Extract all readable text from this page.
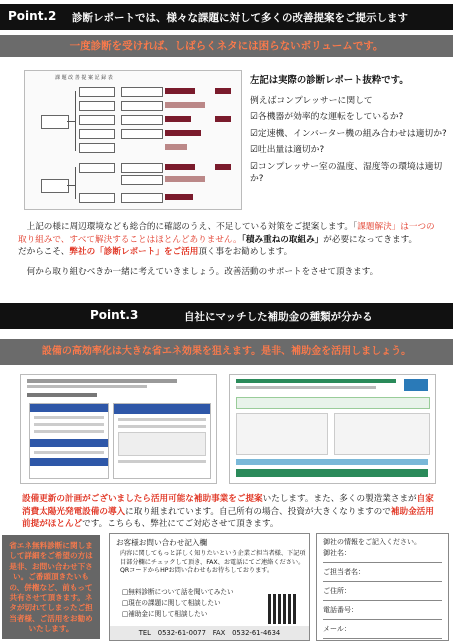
Point.2 診断レポートでは、様々な課題に対して多くの改善提案をご提示します
一度診断を受ければ、しばらくネタには困らないボリュームです。
課 題 改 善 提 案 記 録 表	左記は実際の診断レポート抜粋です。
例えばコンプレッサーに関して
☑各機器が効率的な運転をしているか?
☑定速機、インバーター機の組み合わせは適切か?
☑吐出量は適切か?
☑コンプレッサー室の温度、湿度等の環境は適切か?
上記の様に周辺環境なども総合的に確認のうえ、不足している対策をご提案します。「課題解決」は一つの取り組みで、すべて解決することはほとんどありません。「積み重ねの取組み」が必要になってきます。
だからこそ、弊社の「診断レポート」をご活用頂く事をお勧めします。
何から取り組むべきか一緒に考えていきましょう。改善活動のサポートをさせて頂きます。
Point.3	自社にマッチした補助金の種類が分かる
設備の高効率化は大きな省エネ効果を狙えます。是非、補助金を活用しましょう。
設備更新の計画がございましたら活用可能な補助事業をご提案いたします。また、多くの製造業さまが自家消費太陽光発電設備の導入に取り組まれています。自己所有の場合、投資が大きくなりますので補助金活用前提がほとんどです。こちらも、弊社にてご対応させて頂きます。
省エネ無料診断に関しまして詳細をご希望の方は是非、お問い合わせ下さい。ご番頭頂きたいもの、併権など、前もって共有させて頂きます。ネタが切れてしまったご担当者様、ご活用をお勧めいたします。
お客様お問い合わせ記入欄
内容に関してもっと詳しく知りたいという企業ご担当者様、下記項目部分欄にチェックして頂き、FAX、お電話にてご連絡ください。QRコードからHPお問い合わせもお待ちしております。
□無料診断について話を聞いてみたい
□現在の課題に関して相談したい
□補助金に関して相談したい
TEL　0532-61-0077　FAX　0532-61-4634
御社の情報をご記入ください。
御社名：
ご担当者名：
ご住所：
電話番号：
メール：
